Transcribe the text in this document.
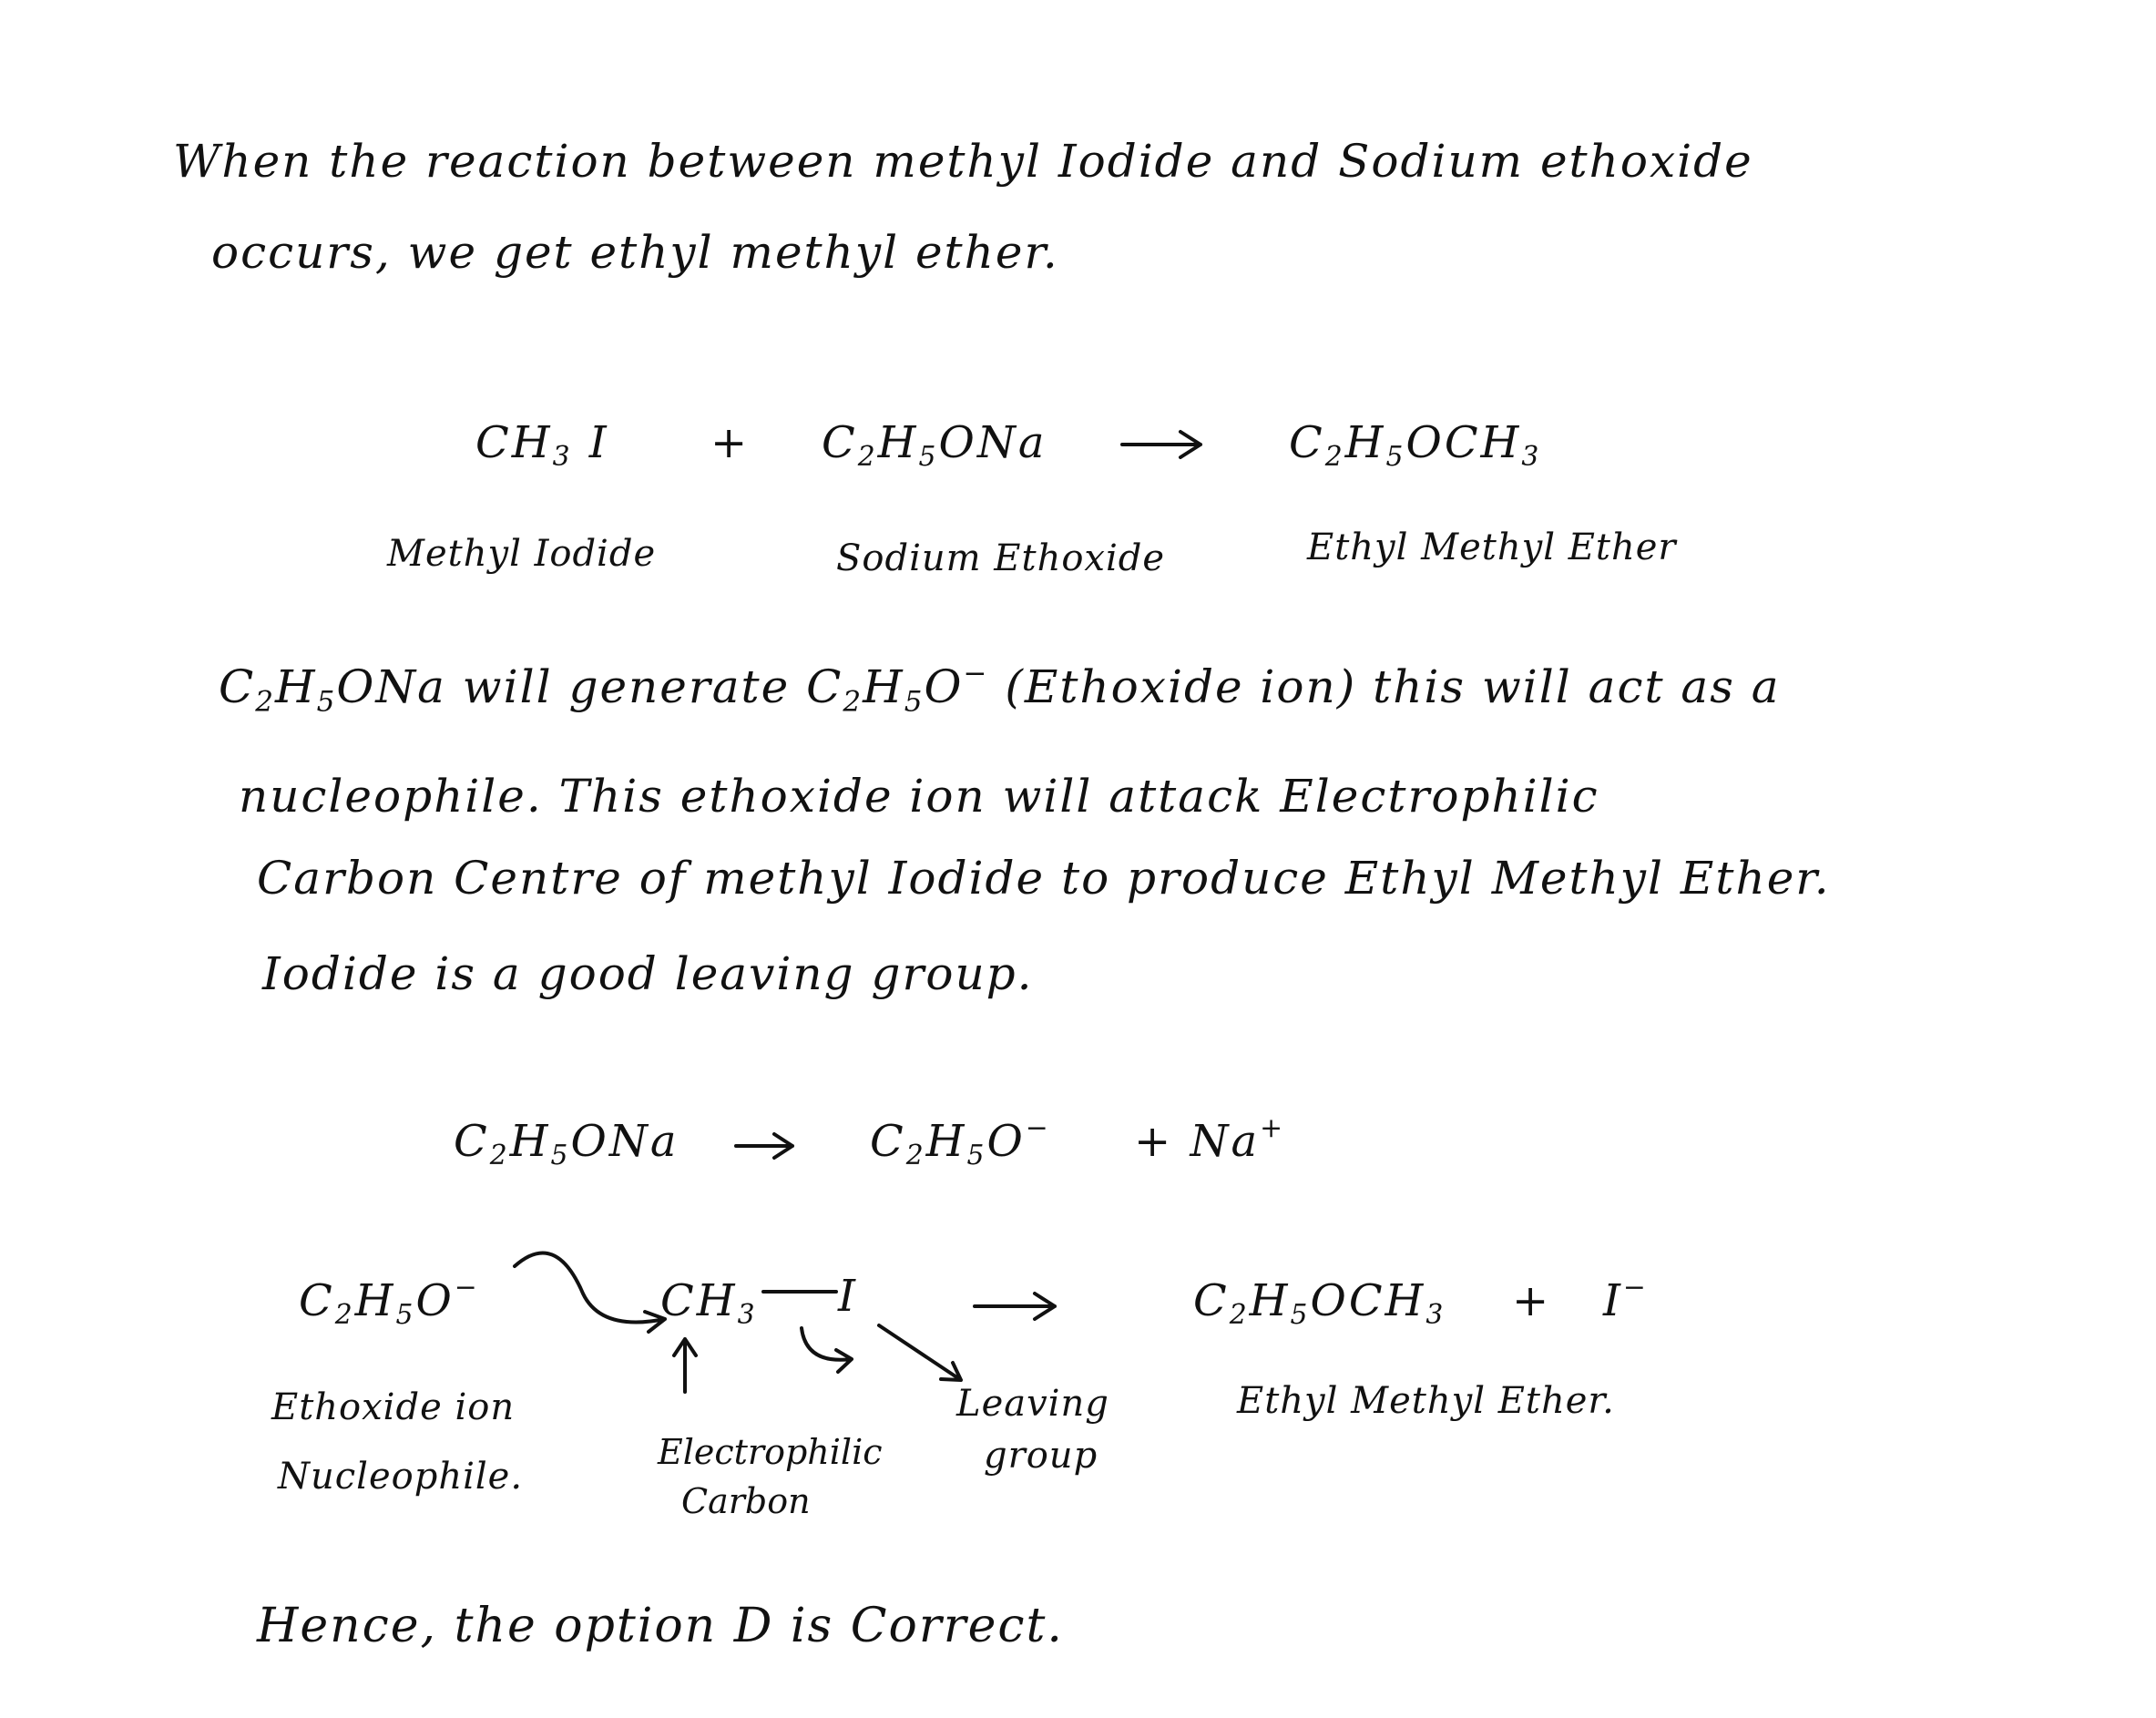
When the reaction between methyl Iodide and Sodium ethoxide
occurs, we get ethyl methyl ether.
$CH_3$ $I + C_2H_5ONa$	$C_2H_5OCH_3$
Methyl Iodide	Sodium Ethoxide	Ethyl Methyl Ether
$C_2H_5ONa$ will generate $C_2H_5O^-$ (Ethoxide ion) this will act as a
nucleophile. This ethoxide ion will attack Electrophilic
Carbon Centre of methyl Iodide to produce Ethyl Methyl Ether.
Iodide is a good leaving group.
$C_2H_5ONa$	$C_2H_5O^- + Na^+$
$C_2H_5O^-$	$CH_3$ I	$C_2H_5OCH_3 + I^-$
Ethoxide ion
Nucleophile.
Electrophilic
Carbon
Leaving
group
Ethyl Methyl Ether.
Hence, the option D is Correct.
